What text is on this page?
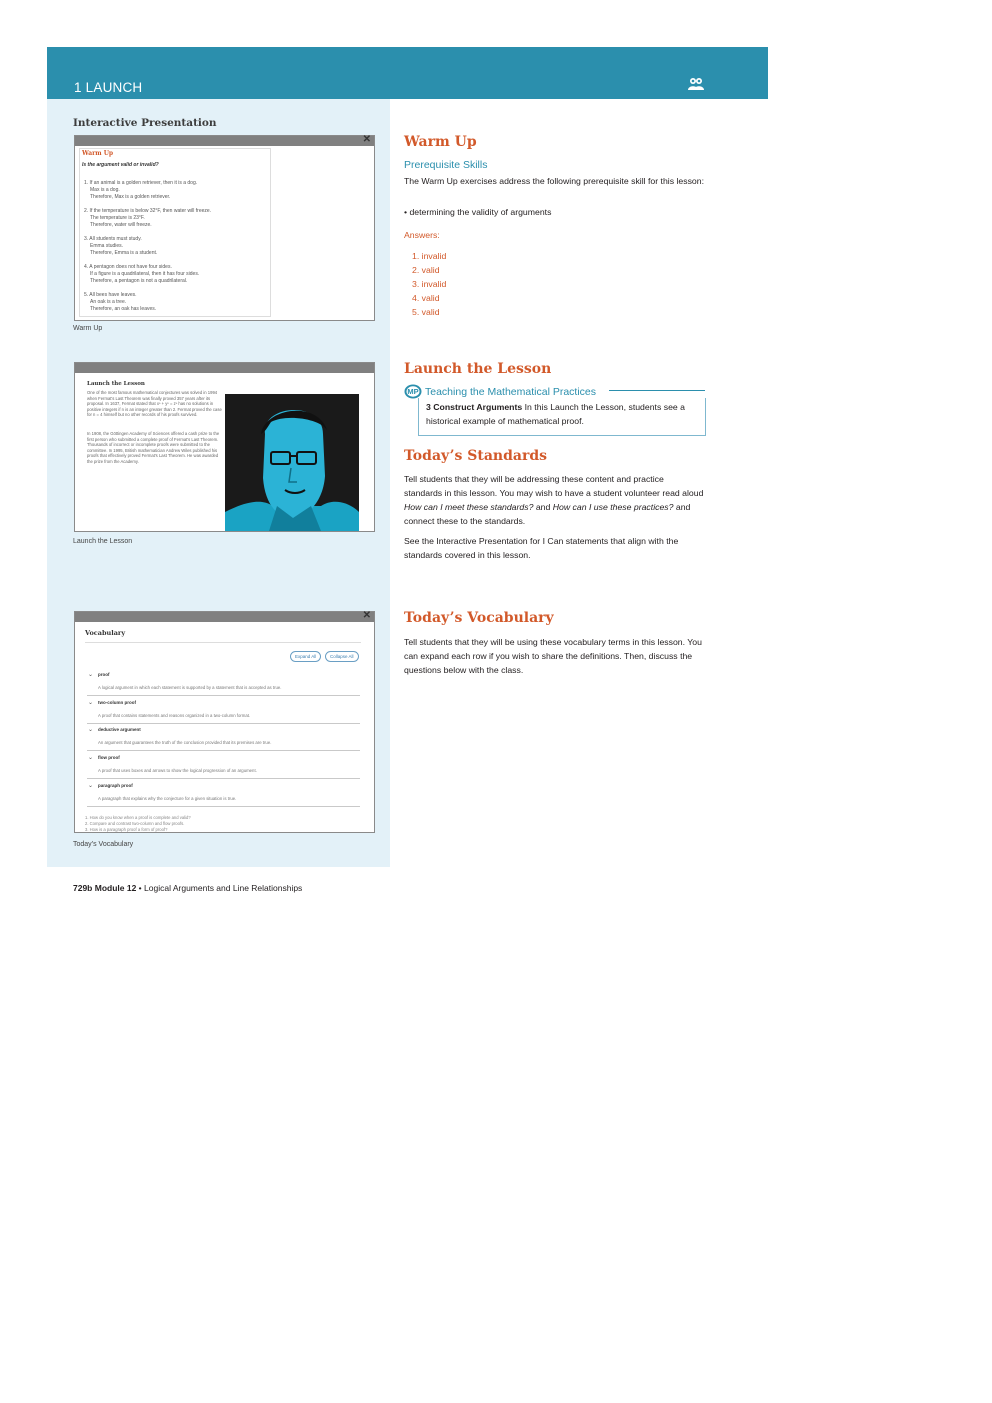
1 LAUNCH
Interactive Presentation
✕
Warm Up
Is the argument valid or invalid?
1. If an animal is a golden retriever, then it is a dog.
Max is a dog.
Therefore, Max is a golden retriever.
2. If the temperature is below 32°F, then water will freeze.
The temperature is 23°F.
Therefore, water will freeze.
3. All students must study.
Emma studies.
Therefore, Emma is a student.
4. A pentagon does not have four sides.
If a figure is a quadrilateral, then it has four sides.
Therefore, a pentagon is not a quadrilateral.
5. All bees have leaves.
An oak is a tree.
Therefore, an oak has leaves.
Warm Up
Launch the Lesson
One of the most famous mathematical conjectures was solved in 1994 when Fermat's Last Theorem was finally proved 357 years after its proposal. In 1637, Fermat stated that xⁿ + yⁿ = zⁿ has no solutions in positive integers if n is an integer greater than 2. Fermat proved the case for n = 4 himself but no other records of his proofs survived.
In 1908, the Göttingen Academy of Sciences offered a cash prize to the first person who submitted a complete proof of Fermat's Last Theorem. Thousands of incorrect or incomplete proofs were submitted to the committee. In 1995, British mathematician Andrew Wiles published his proofs that effectively proved Fermat's Last Theorem. He was awarded the prize from the Academy.
Launch the Lesson
✕
Vocabulary
Expand All	Collapse All
⌄ proof
A logical argument in which each statement is supported by a statement that is accepted as true.
⌄ two-column proof
A proof that contains statements and reasons organized in a two-column format.
⌄ deductive argument
An argument that guarantees the truth of the conclusion provided that its premises are true.
⌄ flow proof
A proof that uses boxes and arrows to show the logical progression of an argument.
⌄ paragraph proof
A paragraph that explains why the conjecture for a given situation is true.
1. How do you know when a proof is complete and valid?
2. Compare and contrast two-column and flow proofs.
3. How is a paragraph proof a form of proof?
Today’s Vocabulary
Warm Up
Prerequisite Skills
The Warm Up exercises address the following prerequisite skill for this lesson:
• determining the validity of arguments
Answers:
1. invalid
2. valid
3. invalid
4. valid
5. valid
Launch the Lesson
MP Teaching the Mathematical Practices
3 Construct Arguments In this Launch the Lesson, students see a historical example of mathematical proof.
Today’s Standards
Tell students that they will be addressing these content and practice standards in this lesson. You may wish to have a student volunteer read aloud How can I meet these standards? and How can I use these practices? and connect these to the standards.
See the Interactive Presentation for I Can statements that align with the standards covered in this lesson.
Today’s Vocabulary
Tell students that they will be using these vocabulary terms in this lesson. You can expand each row if you wish to share the definitions. Then, discuss the questions below with the class.
729b Module 12 • Logical Arguments and Line Relationships
